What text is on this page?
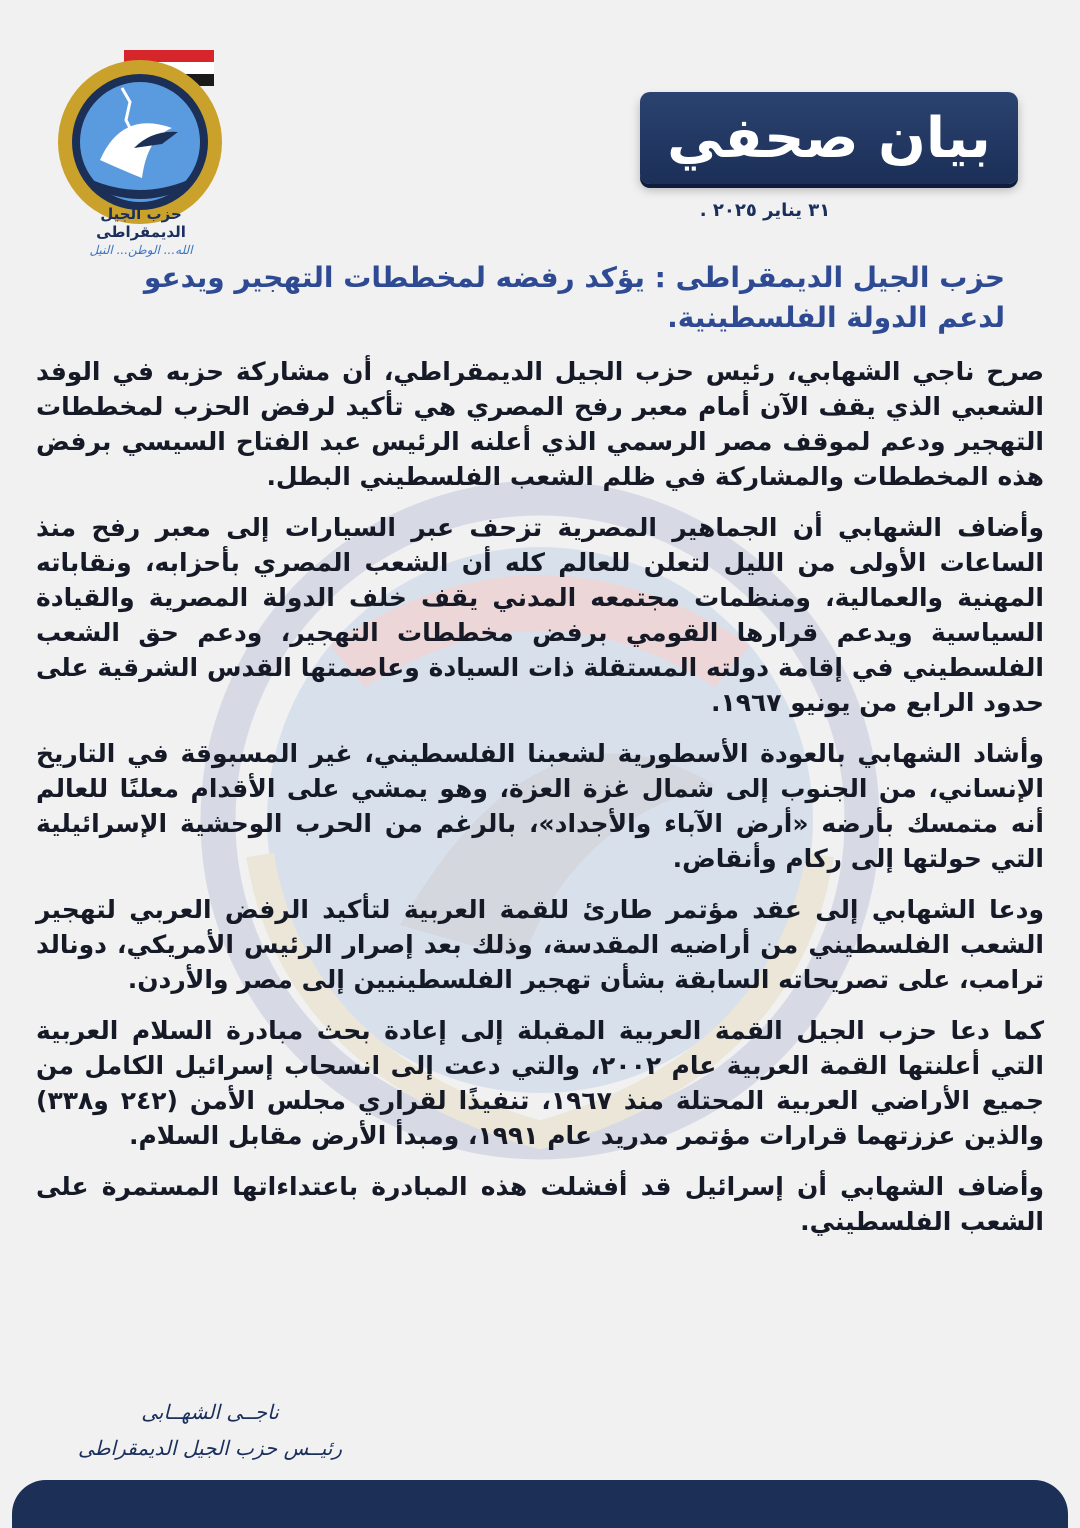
حزب الجيل الديمقراطى
الله... الوطن... النيل
بيان صحفي
٣١ يناير ٢٠٢٥ .
حزب الجيل الديمقراطى : يؤكد رفضه لمخططات التهجير ويدعو لدعم الدولة الفلسطينية.

صرح ناجي الشهابي، رئيس حزب الجيل الديمقراطي، أن مشاركة حزبه في الوفد الشعبي الذي يقف الآن أمام معبر رفح المصري هي تأكيد لرفض الحزب لمخططات التهجير ودعم لموقف مصر الرسمي الذي أعلنه الرئيس عبد الفتاح السيسي برفض هذه المخططات والمشاركة في ظلم الشعب الفلسطيني البطل.

وأضاف الشهابي أن الجماهير المصرية تزحف عبر السيارات إلى معبر رفح منذ الساعات الأولى من الليل لتعلن للعالم كله أن الشعب المصري بأحزابه، ونقاباته المهنية والعمالية، ومنظمات مجتمعه المدني يقف خلف الدولة المصرية والقيادة السياسية ويدعم قرارها القومي برفض مخططات التهجير، ودعم حق الشعب الفلسطيني في إقامة دولته المستقلة ذات السيادة وعاصمتها القدس الشرقية على حدود الرابع من يونيو ١٩٦٧.

وأشاد الشهابي بالعودة الأسطورية لشعبنا الفلسطيني، غير المسبوقة في التاريخ الإنساني، من الجنوب إلى شمال غزة العزة، وهو يمشي على الأقدام معلنًا للعالم أنه متمسك بأرضه «أرض الآباء والأجداد»، بالرغم من الحرب الوحشية الإسرائيلية التي حولتها إلى ركام وأنقاض.

ودعا الشهابي إلى عقد مؤتمر طارئ للقمة العربية لتأكيد الرفض العربي لتهجير الشعب الفلسطيني من أراضيه المقدسة، وذلك بعد إصرار الرئيس الأمريكي، دونالد ترامب، على تصريحاته السابقة بشأن تهجير الفلسطينيين إلى مصر والأردن.

كما دعا حزب الجيل القمة العربية المقبلة إلى إعادة بحث مبادرة السلام العربية التي أعلنتها القمة العربية عام ٢٠٠٢، والتي دعت إلى انسحاب إسرائيل الكامل من جميع الأراضي العربية المحتلة منذ ١٩٦٧، تنفيذًا لقراري مجلس الأمن (٢٤٢ و٣٣٨) والذين عززتهما قرارات مؤتمر مدريد عام ١٩٩١، ومبدأ الأرض مقابل السلام.

وأضاف الشهابي أن إسرائيل قد أفشلت هذه المبادرة باعتداءاتها المستمرة على الشعب الفلسطيني.

ناجــى الشهــابى
رئيــس حزب الجيل الديمقراطى
